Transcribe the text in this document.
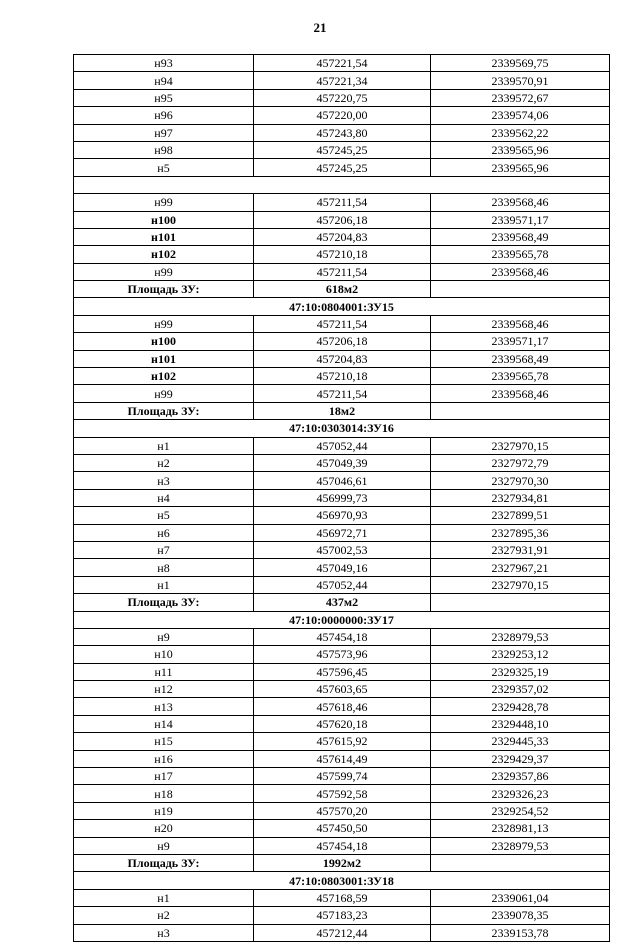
21
н93	457221,54	2339569,75
н94	457221,34	2339570,91
н95	457220,75	2339572,67
н96	457220,00	2339574,06
н97	457243,80	2339562,22
н98	457245,25	2339565,96
н5	457245,25	2339565,96

н99	457211,54	2339568,46
н100	457206,18	2339571,17
н101	457204,83	2339568,49
н102	457210,18	2339565,78
н99	457211,54	2339568,46
Площадь ЗУ:	618м2	
47:10:0804001:ЗУ15		
н99	457211,54	2339568,46
н100	457206,18	2339571,17
н101	457204,83	2339568,49
н102	457210,18	2339565,78
н99	457211,54	2339568,46
Площадь ЗУ:	18м2	
47:10:0303014:ЗУ16		
н1	457052,44	2327970,15
н2	457049,39	2327972,79
н3	457046,61	2327970,30
н4	456999,73	2327934,81
н5	456970,93	2327899,51
н6	456972,71	2327895,36
н7	457002,53	2327931,91
н8	457049,16	2327967,21
н1	457052,44	2327970,15
Площадь ЗУ:	437м2	
47:10:0000000:ЗУ17		
н9	457454,18	2328979,53
н10	457573,96	2329253,12
н11	457596,45	2329325,19
н12	457603,65	2329357,02
н13	457618,46	2329428,78
н14	457620,18	2329448,10
н15	457615,92	2329445,33
н16	457614,49	2329429,37
н17	457599,74	2329357,86
н18	457592,58	2329326,23
н19	457570,20	2329254,52
н20	457450,50	2328981,13
н9	457454,18	2328979,53
Площадь ЗУ:	1992м2	
47:10:0803001:ЗУ18		
н1	457168,59	2339061,04
н2	457183,23	2339078,35
н3	457212,44	2339153,78
